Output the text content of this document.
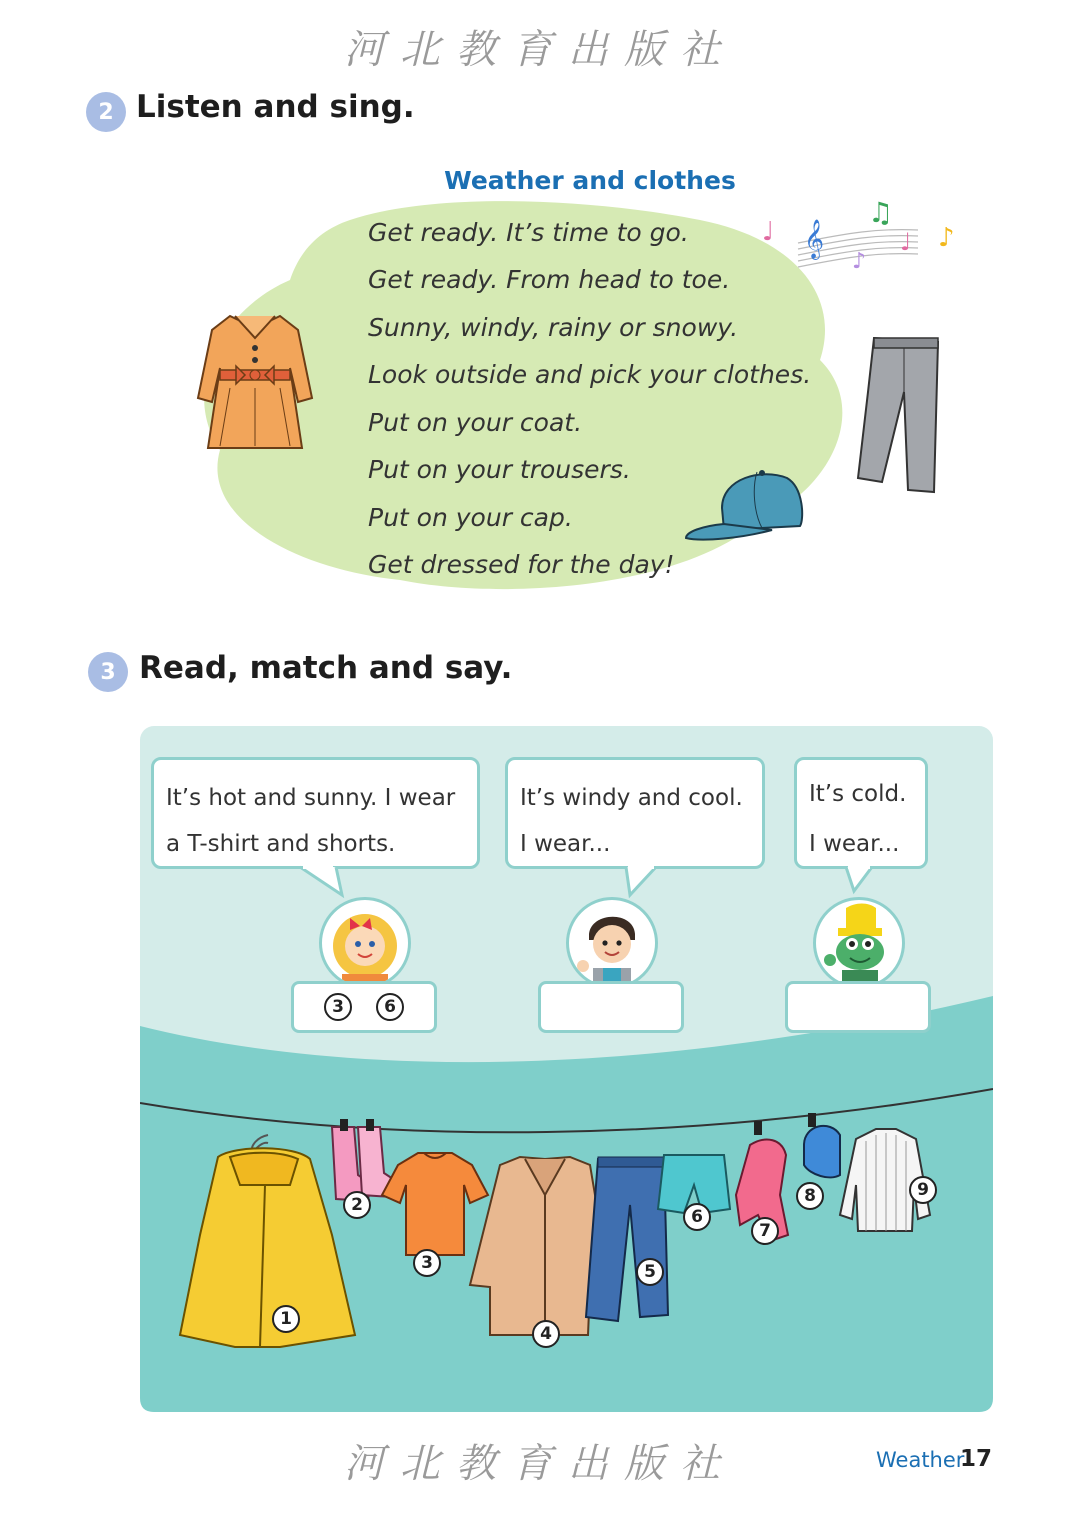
河北教育出版社
2 Listen and sing.
Weather and clothes
Get ready. It’s time to go.
Get ready. From head to toe.
Sunny, windy, rainy or snowy.
Look outside and pick your clothes.
Put on your coat.
Put on your trousers.
Put on your cap.
Get dressed for the day!
♩ 𝄞
♫
♪
♩ ♪
3 Read, match and say.

It’s hot and sunny. I wear

a T-shirt and shorts.

It’s windy and cool.

I wear...

It’s cold.

I wear...

3	6
1
2
3
4
5
6
7
8	9
河北教育出版社	Weather
17
